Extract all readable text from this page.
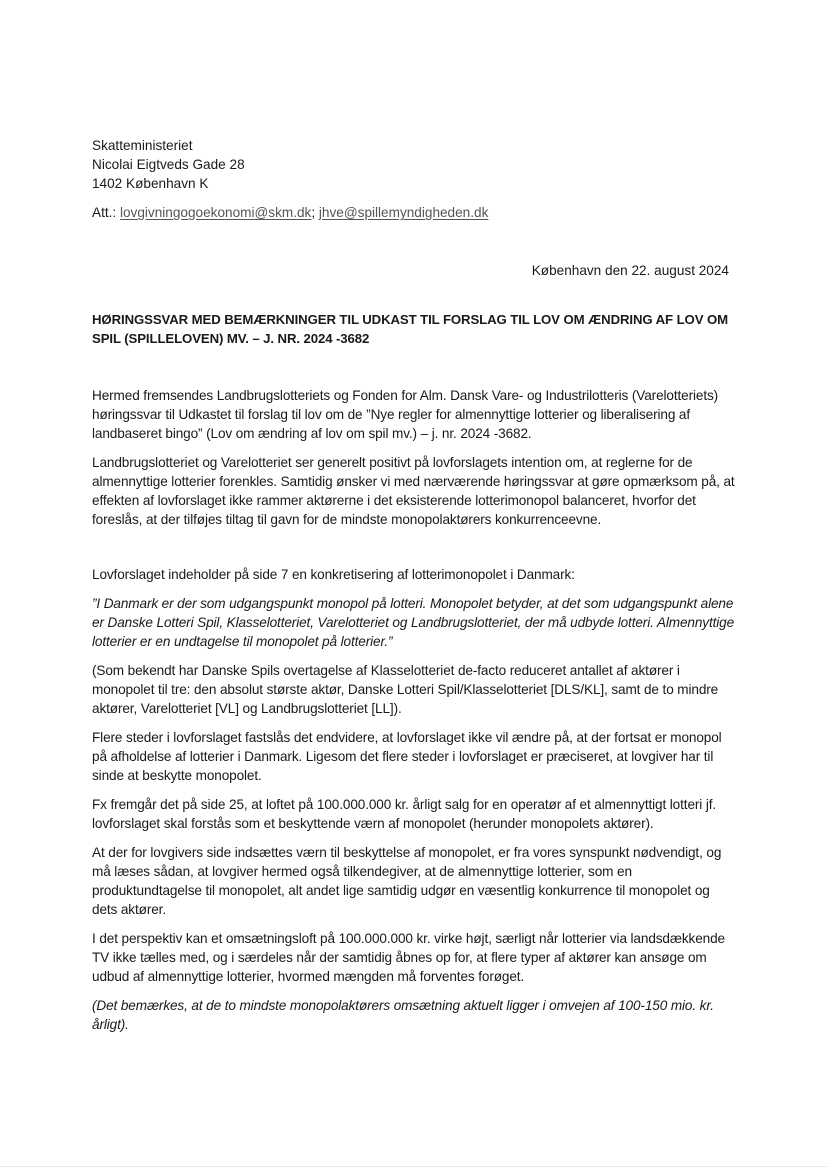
Skatteministeriet
Nicolai Eigtveds Gade 28
1402 København K
Att.: lovgivningogoekonomi@skm.dk; jhve@spillemyndigheden.dk
København den 22. august 2024
HØRINGSSVAR MED BEMÆRKNINGER TIL UDKAST TIL FORSLAG TIL LOV OM ÆNDRING AF LOV OM SPIL (SPILLELOVEN) MV. – J. NR. 2024 -3682

Hermed fremsendes Landbrugslotteriets og Fonden for Alm. Dansk Vare- og Industrilotteris (Varelotteriets) høringssvar til Udkastet til forslag til lov om de ”Nye regler for almennyttige lotterier og liberalisering af landbaseret bingo” (Lov om ændring af lov om spil mv.) – j. nr. 2024 -3682.

Landbrugslotteriet og Varelotteriet ser generelt positivt på lovforslagets intention om, at reglerne for de almennyttige lotterier forenkles. Samtidig ønsker vi med nærværende høringssvar at gøre opmærksom på, at effekten af lovforslaget ikke rammer aktørerne i det eksisterende lotterimonopol balanceret, hvorfor det foreslås, at der tilføjes tiltag til gavn for de mindste monopolaktørers konkurrenceevne.

Lovforslaget indeholder på side 7 en konkretisering af lotterimonopolet i Danmark:

”I Danmark er der som udgangspunkt monopol på lotteri. Monopolet betyder, at det som udgangspunkt alene er Danske Lotteri Spil, Klasselotteriet, Varelotteriet og Landbrugslotteriet, der må udbyde lotteri. Almennyttige lotterier er en undtagelse til monopolet på lotterier.”

(Som bekendt har Danske Spils overtagelse af Klasselotteriet de-facto reduceret antallet af aktører i monopolet til tre: den absolut største aktør, Danske Lotteri Spil/Klasselotteriet [DLS/KL], samt de to mindre aktører, Varelotteriet [VL] og Landbrugslotteriet [LL]).

Flere steder i lovforslaget fastslås det endvidere, at lovforslaget ikke vil ændre på, at der fortsat er monopol på afholdelse af lotterier i Danmark. Ligesom det flere steder i lovforslaget er præciseret, at lovgiver har til sinde at beskytte monopolet.

Fx fremgår det på side 25, at loftet på 100.000.000 kr. årligt salg for en operatør af et almennyttigt lotteri jf. lovforslaget skal forstås som et beskyttende værn af monopolet (herunder monopolets aktører).

At der for lovgivers side indsættes værn til beskyttelse af monopolet, er fra vores synspunkt nødvendigt, og må læses sådan, at lovgiver hermed også tilkendegiver, at de almennyttige lotterier, som en produktundtagelse til monopolet, alt andet lige samtidig udgør en væsentlig konkurrence til monopolet og dets aktører.

I det perspektiv kan et omsætningsloft på 100.000.000 kr. virke højt, særligt når lotterier via landsdækkende TV ikke tælles med, og i særdeles når der samtidig åbnes op for, at flere typer af aktører kan ansøge om udbud af almennyttige lotterier, hvormed mængden må forventes forøget.

(Det bemærkes, at de to mindste monopolaktørers omsætning aktuelt ligger i omvejen af 100-150 mio. kr. årligt).
